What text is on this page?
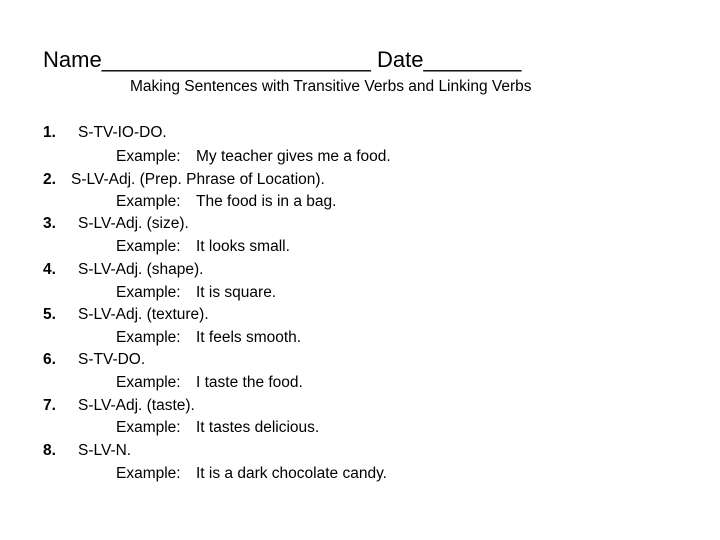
Name______________________ Date________
Making Sentences with Transitive Verbs and Linking Verbs
1.	S-TV-IO-DO.
Example: My teacher gives me a food.
2. S-LV-Adj. (Prep. Phrase of Location).
Example: The food is in a bag.
3.	S-LV-Adj. (size).
Example: It looks small.
4.	S-LV-Adj. (shape).
Example: It is square.
5.	S-LV-Adj. (texture).
Example: It feels smooth.
6.	S-TV-DO.
Example: I taste the food.
7.	S-LV-Adj. (taste).
Example: It tastes delicious.
8.	S-LV-N.
Example: It is a dark chocolate candy.
